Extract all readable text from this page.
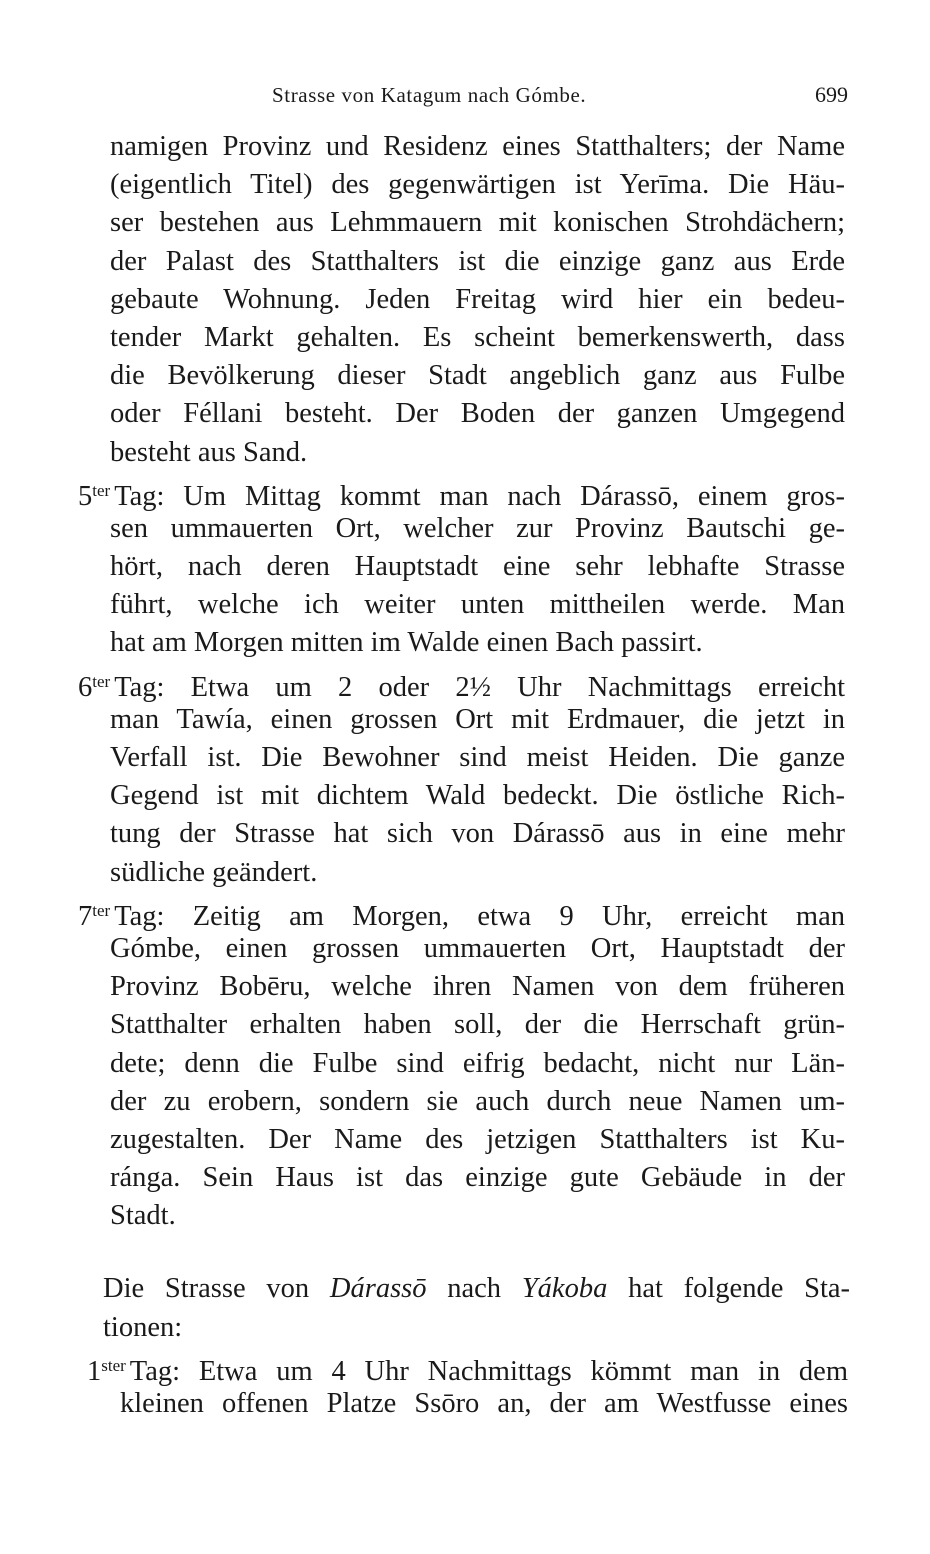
Strasse von Katagum nach Gómbe.	699

namigen Provinz und Residenz eines Statthalters; der Name
(eigentlich Titel) des gegenwärtigen ist Yerīma. Die Häu-
ser bestehen aus Lehmmauern mit konischen Strohdächern;
der Palast des Statthalters ist die einzige ganz aus Erde
gebaute Wohnung. Jeden Freitag wird hier ein bedeu-
tender Markt gehalten. Es scheint bemerkenswerth, dass
die Bevölkerung dieser Stadt angeblich ganz aus Fulbe
oder Féllani besteht. Der Boden der ganzen Umgegend
besteht aus Sand.

$5^{ter}$ Tag: Um Mittag kommt man nach Dárassō, einem gros-
sen ummauerten Ort, welcher zur Provinz Bautschi ge-
hört, nach deren Hauptstadt eine sehr lebhafte Strasse
führt, welche ich weiter unten mittheilen werde. Man
hat am Morgen mitten im Walde einen Bach passirt.

$6^{ter}$ Tag: Etwa um 2 oder 2½ Uhr Nachmittags erreicht
man Tawía, einen grossen Ort mit Erdmauer, die jetzt in
Verfall ist. Die Bewohner sind meist Heiden. Die ganze
Gegend ist mit dichtem Wald bedeckt. Die östliche Rich-
tung der Strasse hat sich von Dárassō aus in eine mehr
südliche geändert.

$7^{ter}$ Tag: Zeitig am Morgen, etwa 9 Uhr, erreicht man
Gómbe, einen grossen ummauerten Ort, Hauptstadt der
Provinz Bobēru, welche ihren Namen von dem früheren
Statthalter erhalten haben soll, der die Herrschaft grün-
dete; denn die Fulbe sind eifrig bedacht, nicht nur Län-
der zu erobern, sondern sie auch durch neue Namen um-
zugestalten. Der Name des jetzigen Statthalters ist Ku-
ránga. Sein Haus ist das einzige gute Gebäude in der
Stadt.

Die Strasse von Dárassō nach Yákoba hat folgende Sta-
tionen:

$1^{ster}$ Tag: Etwa um 4 Uhr Nachmittags kömmt man in dem
kleinen offenen Platze Ssōro an, der am Westfusse eines
